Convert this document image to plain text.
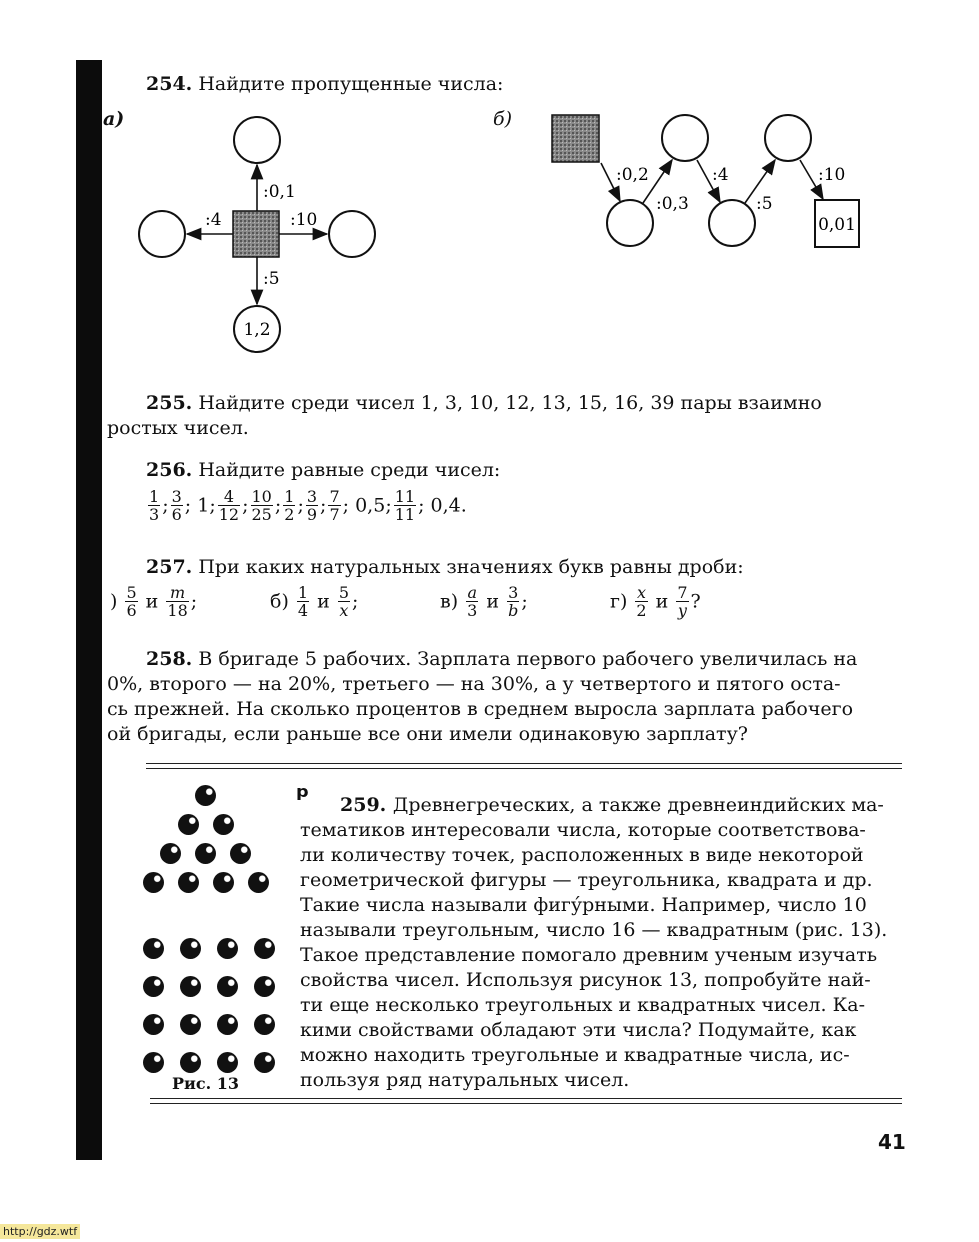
254. Найдите пропущенные числа:
а)	б)
:0,1
:4	:10
:5
1,2
:0,2
:0,3
:4
:5
:10
0,01
255. Найдите среди чисел 1, 3, 10, 12, 13, 15, 16, 39 пары взаимно
ростых чисел.
256. Найдите равные среди чисел:
$\frac{1}{3}$ ; $\frac{3}{6}$ ; 1; $\frac{4}{12}$ ; $\frac{10}{25}$ ; $\frac{1}{2}$ ; $\frac{3}{9}$ ; $\frac{7}{7}$ ; 0,5; $\frac{11}{11}$ ; 0,4.
257. При каких натуральных значениях букв равны дроби:
) $\frac{5}{6}$ и $\frac{m}{18}$ ;	$б) \frac{1}{4}$ и $\frac{5}{x}$ ;	$в) \frac{a}{3}$ и $\frac{3}{b}$ ;	$г) \frac{x}{2}$ и $\frac{7}{y}$ ?
258. В бригаде 5 рабочих. Зарплата первого рабочего увеличилась на
0%, второго — на 20%, третьего — на 30%, а у четвертого и пятого оста-
сь прежней. На сколько процентов в среднем выросла зарплата рабочего
ой бригады, если раньше все они имели одинаковую зарплату?
Рис. 13
ᵖ	259. Древнегреческих, а также древнеиндийских ма-
тематиков интересовали числа, которые соответствова-
ли количеству точек, расположенных в виде некоторой
геометрической фигуры — треугольника, квадрата и др.
Такие числа называли фигу́рными. Например, число 10
называли треугольным, число 16 — квадратным (рис. 13).
Такое представление помогало древним ученым изучать
свойства чисел. Используя рисунок 13, попробуйте най-
ти еще несколько треугольных и квадратных чисел. Ка-
кими свойствами обладают эти числа? Подумайте, как
можно находить треугольные и квадратные числа, ис-
пользуя ряд натуральных чисел.
41
http://gdz.wtf
